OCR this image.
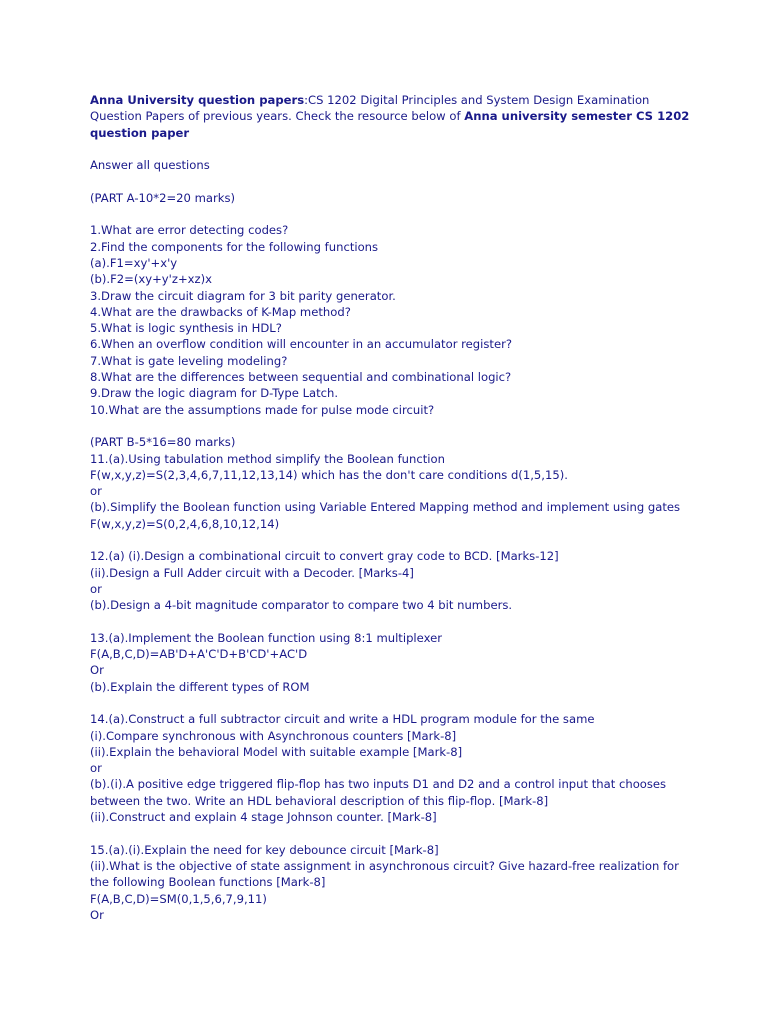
Anna University question papers:CS 1202 Digital Principles and System Design Examination
Question Papers of previous years. Check the resource below of Anna university semester CS 1202
question paper
Answer all questions
(PART A-10*2=20 marks)
1.What are error detecting codes?
2.Find the components for the following functions
(a).F1=xy'+x'y
(b).F2=(xy+y'z+xz)x
3.Draw the circuit diagram for 3 bit parity generator.
4.What are the drawbacks of K-Map method?
5.What is logic synthesis in HDL?
6.When an overflow condition will encounter in an accumulator register?
7.What is gate leveling modeling?
8.What are the differences between sequential and combinational logic?
9.Draw the logic diagram for D-Type Latch.
10.What are the assumptions made for pulse mode circuit?
(PART B-5*16=80 marks)
11.(a).Using tabulation method simplify the Boolean function
F(w,x,y,z)=S(2,3,4,6,7,11,12,13,14) which has the don't care conditions d(1,5,15).
or
(b).Simplify the Boolean function using Variable Entered Mapping method and implement using gates
F(w,x,y,z)=S(0,2,4,6,8,10,12,14)
12.(a) (i).Design a combinational circuit to convert gray code to BCD. [Marks-12]
(ii).Design a Full Adder circuit with a Decoder. [Marks-4]
or
(b).Design a 4-bit magnitude comparator to compare two 4 bit numbers.
13.(a).Implement the Boolean function using 8:1 multiplexer
F(A,B,C,D)=AB'D+A'C'D+B'CD'+AC'D
Or
(b).Explain the different types of ROM
14.(a).Construct a full subtractor circuit and write a HDL program module for the same
(i).Compare synchronous with Asynchronous counters [Mark-8]
(ii).Explain the behavioral Model with suitable example [Mark-8]
or
(b).(i).A positive edge triggered flip-flop has two inputs D1 and D2 and a control input that chooses
between the two. Write an HDL behavioral description of this flip-flop. [Mark-8]
(ii).Construct and explain 4 stage Johnson counter. [Mark-8]
15.(a).(i).Explain the need for key debounce circuit [Mark-8]
(ii).What is the objective of state assignment in asynchronous circuit? Give hazard-free realization for
the following Boolean functions [Mark-8]
F(A,B,C,D)=SM(0,1,5,6,7,9,11)
Or
